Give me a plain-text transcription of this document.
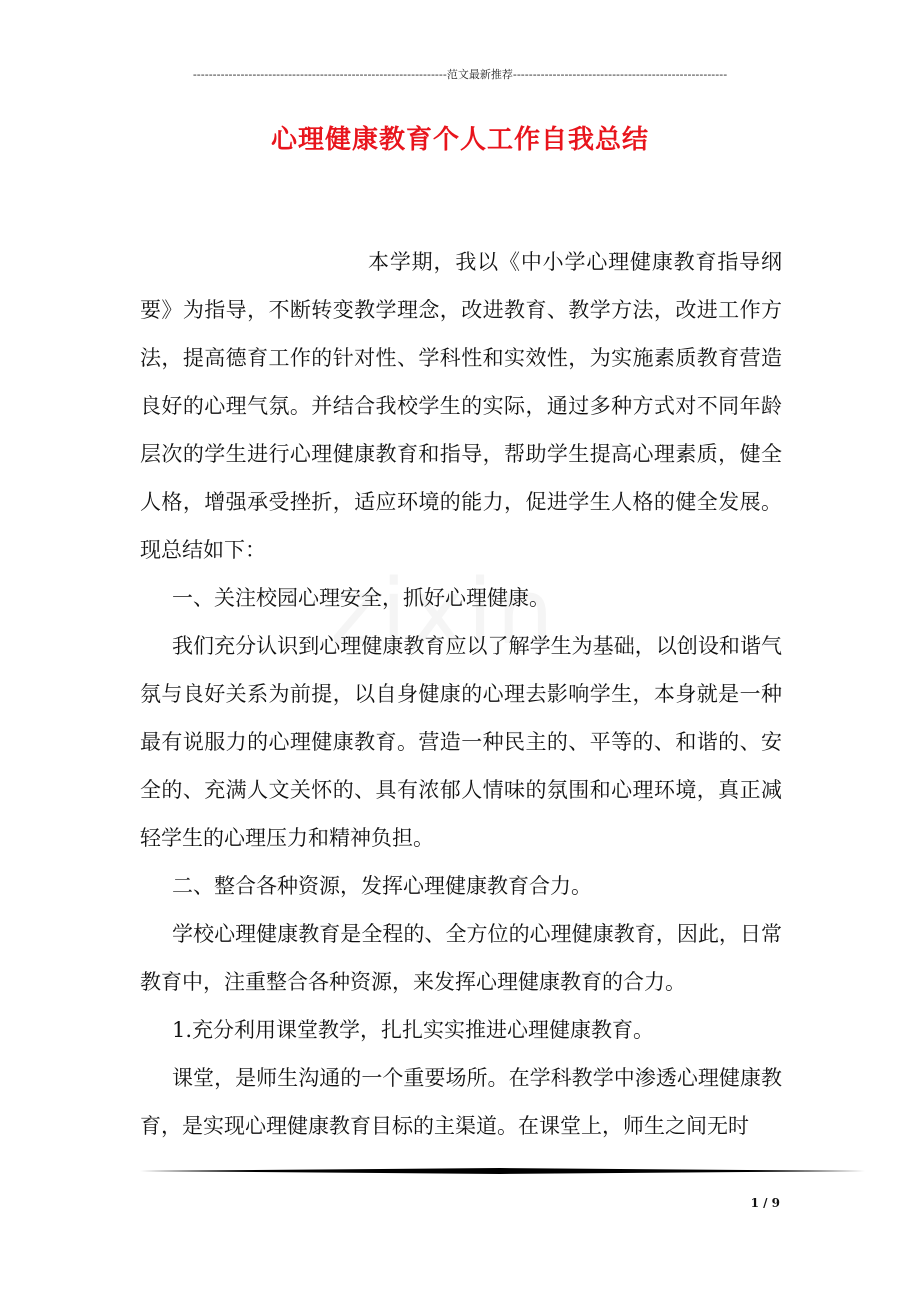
----------------------------------------------------------------范文最新推荐------------------------------------------------------
心理健康教育个人工作自我总结

本学期，我以《中小学心理健康教育指导纲要》为指导，不断转变教学理念，改进教育、教学方法，改进工作方法，提高德育工作的针对性、学科性和实效性，为实施素质教育营造良好的心理气氛。并结合我校学生的实际，通过多种方式对不同年龄层次的学生进行心理健康教育和指导，帮助学生提高心理素质，健全人格，增强承受挫折，适应环境的能力，促进学生人格的健全发展。现总结如下：

一、关注校园心理安全，抓好心理健康。

我们充分认识到心理健康教育应以了解学生为基础，以创设和谐气氛与良好关系为前提，以自身健康的心理去影响学生，本身就是一种最有说服力的心理健康教育。营造一种民主的、平等的、和谐的、安全的、充满人文关怀的、具有浓郁人情味的氛围和心理环境，真正减轻学生的心理压力和精神负担。

二、整合各种资源，发挥心理健康教育合力。

学校心理健康教育是全程的、全方位的心理健康教育，因此，日常教育中，注重整合各种资源，来发挥心理健康教育的合力。

1.充分利用课堂教学，扎扎实实推进心理健康教育。

课堂，是师生沟通的一个重要场所。在学科教学中渗透心理健康教育，是实现心理健康教育目标的主渠道。在课堂上，师生之间无时

1 / 9
